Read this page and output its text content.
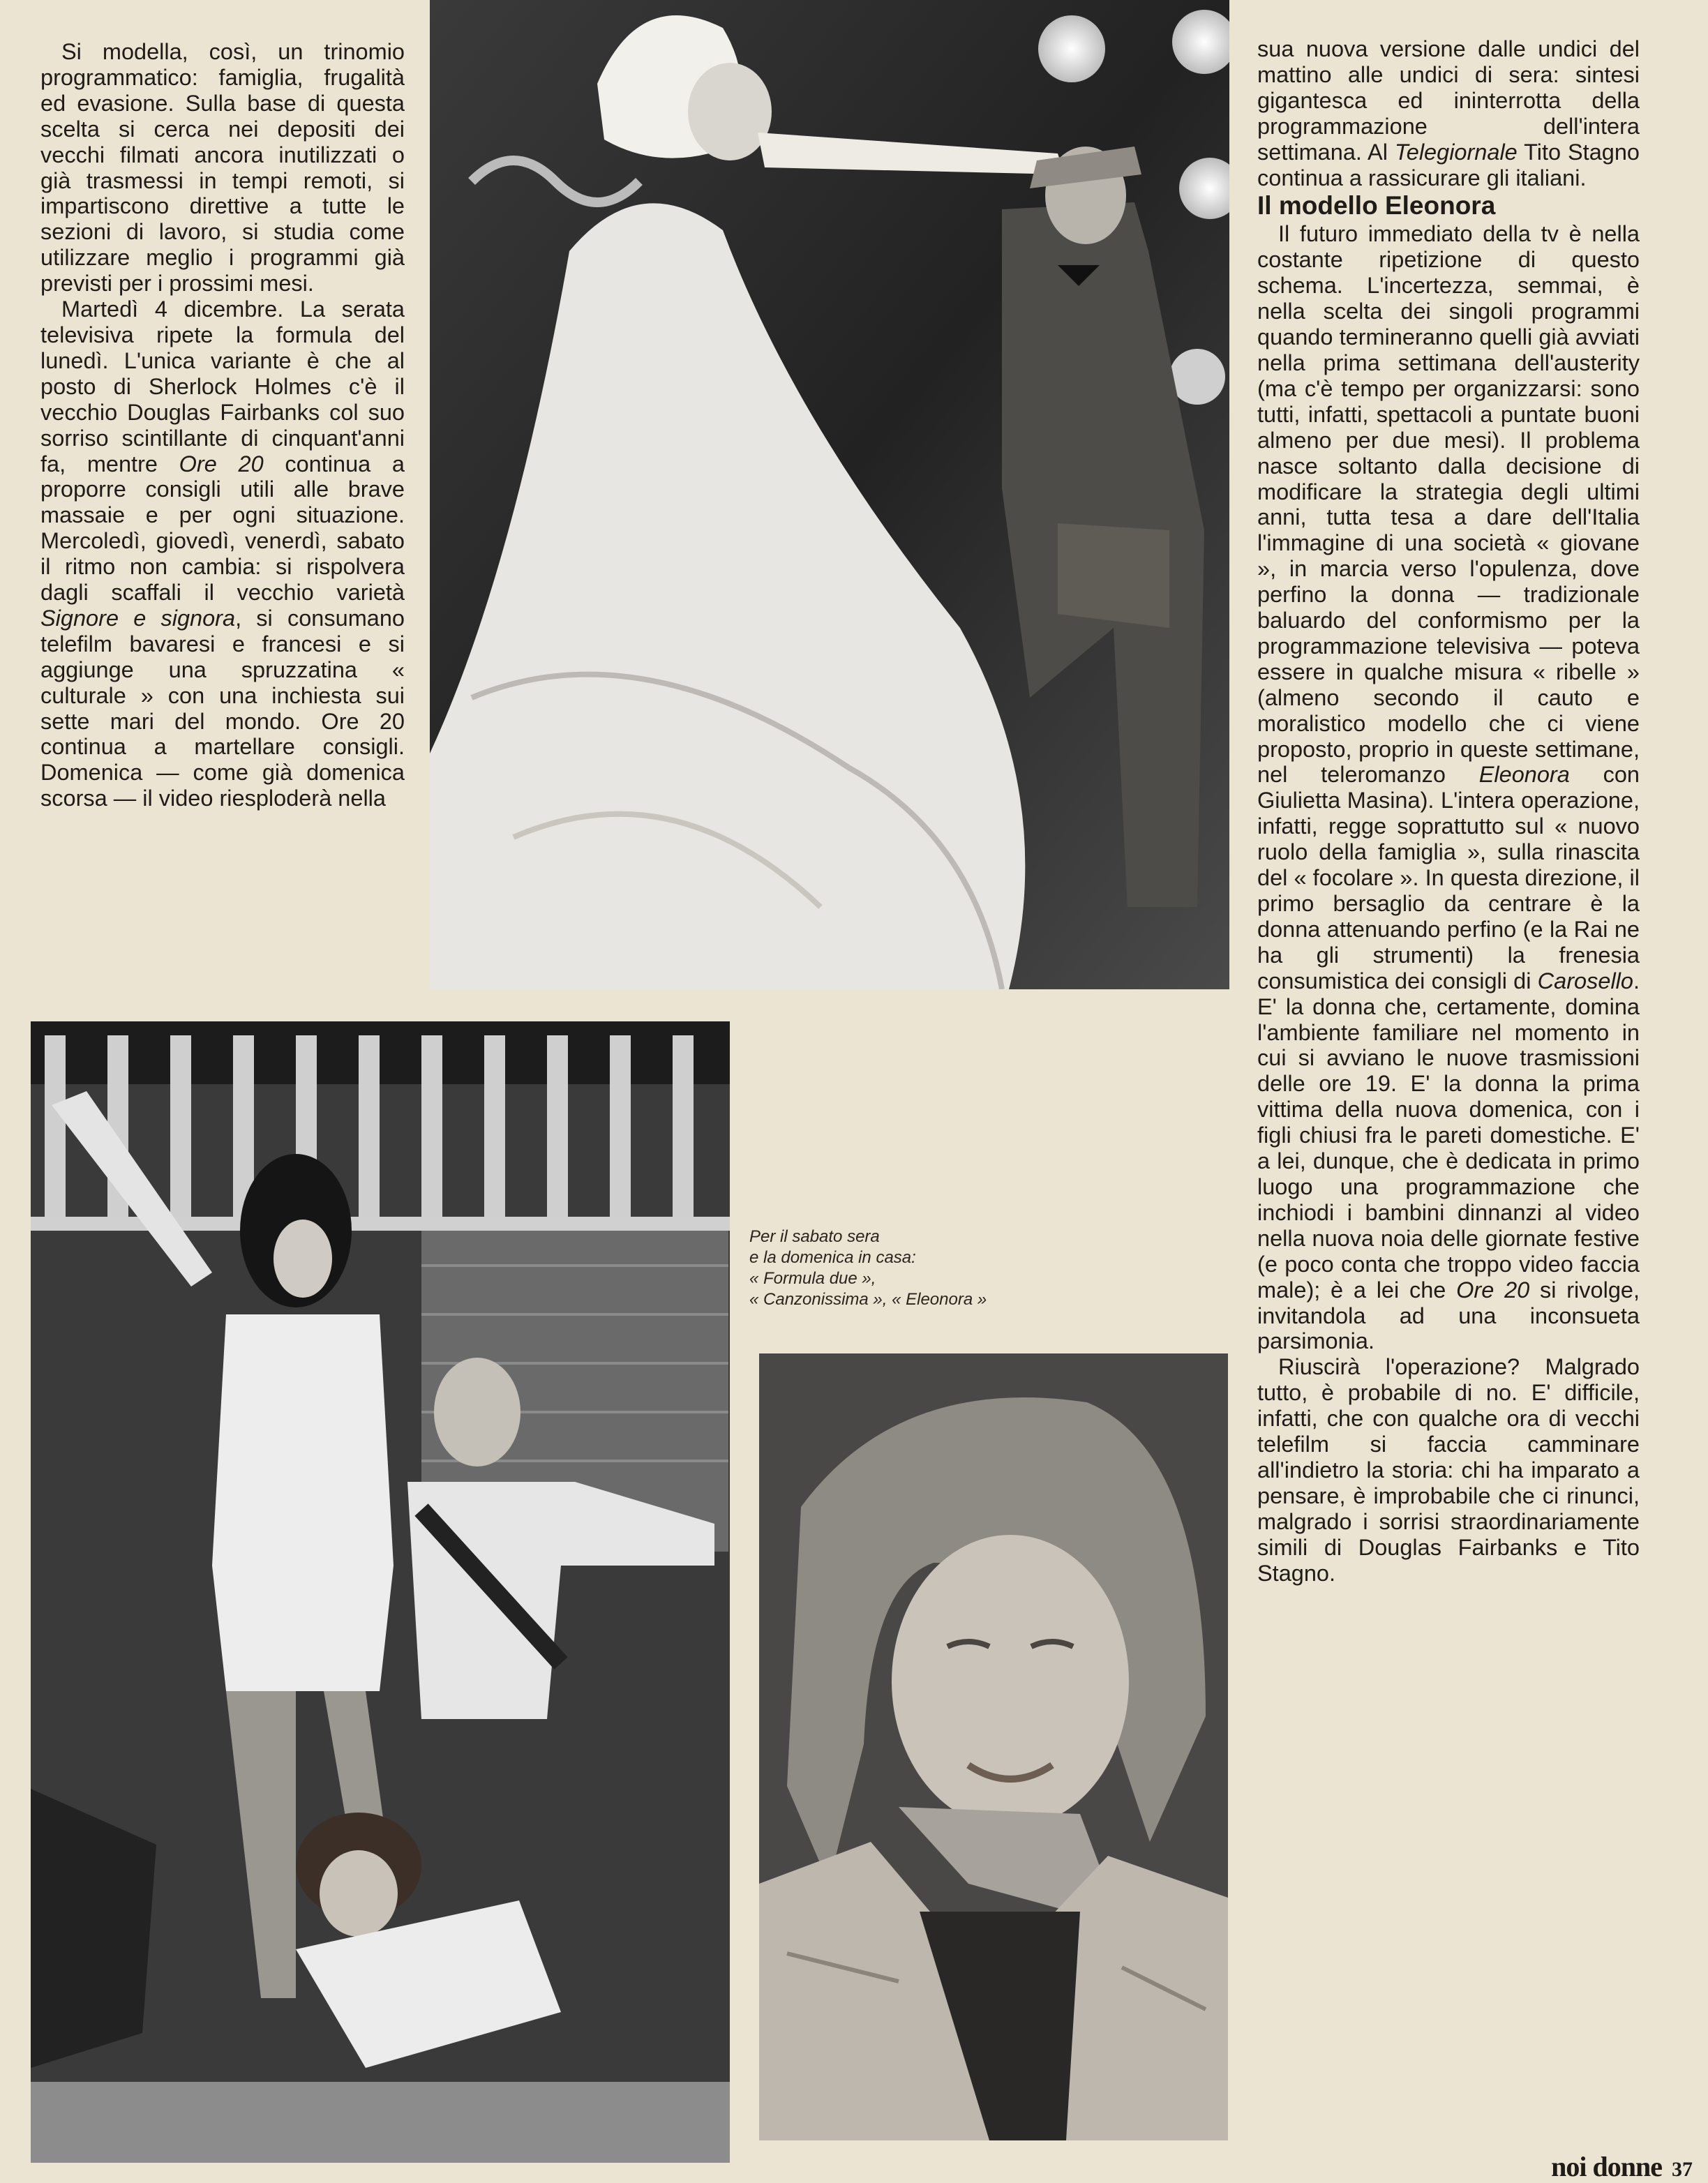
Si modella, così, un trinomio programmatico: famiglia, frugalità ed evasione. Sulla base di questa scelta si cerca nei depositi dei vecchi filmati ancora inutilizzati o già trasmessi in tempi remoti, si impartiscono direttive a tutte le sezioni di lavoro, si studia come utilizzare meglio i programmi già previsti per i prossimi mesi.

Martedì 4 dicembre. La serata televisiva ripete la formula del lunedì. L'unica variante è che al posto di Sherlock Holmes c'è il vecchio Douglas Fairbanks col suo sorriso scintillante di cinquant'anni fa, mentre Ore 20 continua a proporre consigli utili alle brave massaie e per ogni situazione. Mercoledì, giovedì, venerdì, sabato il ritmo non cambia: si rispolvera dagli scaffali il vecchio varietà Signore e signora, si consumano telefilm bavaresi e francesi e si aggiunge una spruzzatina « culturale » con una inchiesta sui sette mari del mondo. Ore 20 continua a martellare consigli. Domenica — come già domenica scorsa — il video riesploderà nella

sua nuova versione dalle undici del mattino alle undici di sera: sintesi gigantesca ed ininterrotta della programmazione dell'intera settimana. Al Telegiornale Tito Stagno continua a rassicurare gli italiani.

Il modello Eleonora

Il futuro immediato della tv è nella costante ripetizione di questo schema. L'incertezza, semmai, è nella scelta dei singoli programmi quando termineranno quelli già avviati nella prima settimana dell'austerity (ma c'è tempo per organizzarsi: sono tutti, infatti, spettacoli a puntate buoni almeno per due mesi). Il problema nasce soltanto dalla decisione di modificare la strategia degli ultimi anni, tutta tesa a dare dell'Italia l'immagine di una società « giovane », in marcia verso l'opulenza, dove perfino la donna — tradizionale baluardo del conformismo per la programmazione televisiva — poteva essere in qualche misura « ribelle » (almeno secondo il cauto e moralistico modello che ci viene proposto, proprio in queste settimane, nel teleromanzo Eleonora con Giulietta Masina). L'intera operazione, infatti, regge soprattutto sul « nuovo ruolo della famiglia », sulla rinascita del « focolare ». In questa direzione, il primo bersaglio da centrare è la donna attenuando perfino (e la Rai ne ha gli strumenti) la frenesia consumistica dei consigli di Carosello. E' la donna che, certamente, domina l'ambiente familiare nel momento in cui si avviano le nuove trasmissioni delle ore 19. E' la donna la prima vittima della nuova domenica, con i figli chiusi fra le pareti domestiche. E' a lei, dunque, che è dedicata in primo luogo una programmazione che inchiodi i bambini dinnanzi al video nella nuova noia delle giornate festive (e poco conta che troppo video faccia male); è a lei che Ore 20 si rivolge, invitandola ad una inconsueta parsimonia.

Riuscirà l'operazione? Malgrado tutto, è probabile di no. E' difficile, infatti, che con qualche ora di vecchi telefilm si faccia camminare all'indietro la storia: chi ha imparato a pensare, è improbabile che ci rinunci, malgrado i sorrisi straordinariamente simili di Douglas Fairbanks e Tito Stagno.

Per il sabato sera
e la domenica in casa:
« Formula due »,
« Canzonissima », « Eleonora »
noi donne 37
